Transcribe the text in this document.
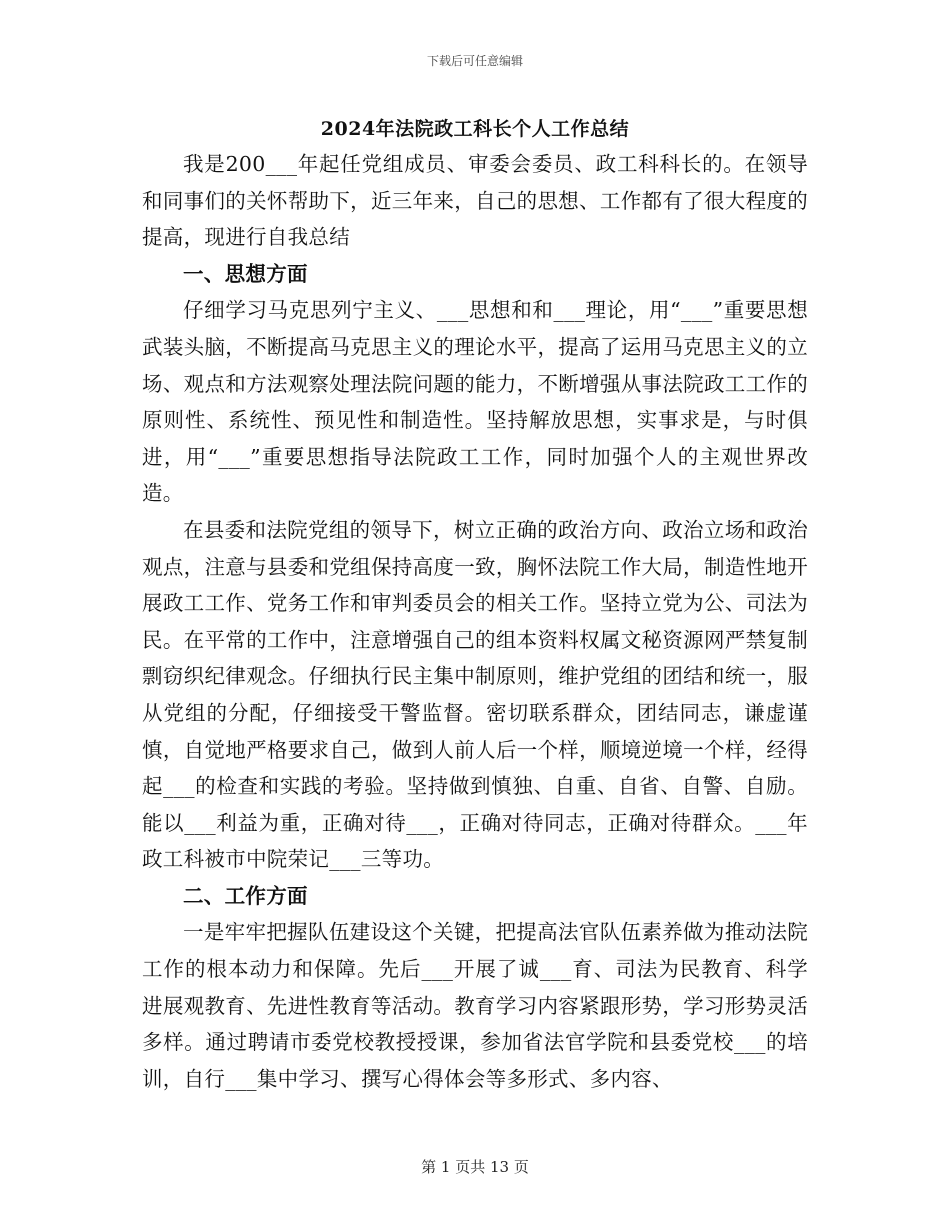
下载后可任意编辑
2024年法院政工科长个人工作总结

我是200___年起任党组成员、审委会委员、政工科科长的。在领导和同事们的关怀帮助下，近三年来，自己的思想、工作都有了很大程度的提高，现进行自我总结

一、思想方面

仔细学习马克思列宁主义、___思想和和___理论，用“___”重要思想武装头脑，不断提高马克思主义的理论水平，提高了运用马克思主义的立场、观点和方法观察处理法院问题的能力，不断增强从事法院政工工作的原则性、系统性、预见性和制造性。坚持解放思想，实事求是，与时俱进，用“___”重要思想指导法院政工工作，同时加强个人的主观世界改造。

在县委和法院党组的领导下，树立正确的政治方向、政治立场和政治观点，注意与县委和党组保持高度一致，胸怀法院工作大局，制造性地开展政工工作、党务工作和审判委员会的相关工作。坚持立党为公、司法为民。在平常的工作中，注意增强自己的组本资料权属文秘资源网严禁复制剽窃织纪律观念。仔细执行民主集中制原则，维护党组的团结和统一，服从党组的分配，仔细接受干警监督。密切联系群众，团结同志，谦虚谨慎，自觉地严格要求自己，做到人前人后一个样，顺境逆境一个样，经得起___的检查和实践的考验。坚持做到慎独、自重、自省、自警、自励。能以___利益为重，正确对待___，正确对待同志，正确对待群众。___年政工科被市中院荣记___三等功。

二、工作方面

一是牢牢把握队伍建设这个关键，把提高法官队伍素养做为推动法院工作的根本动力和保障。先后___开展了诚___育、司法为民教育、科学进展观教育、先进性教育等活动。教育学习内容紧跟形势，学习形势灵活多样。通过聘请市委党校教授授课，参加省法官学院和县委党校___的培训，自行___集中学习、撰写心得体会等多形式、多内容、

第 1 页共 13 页
